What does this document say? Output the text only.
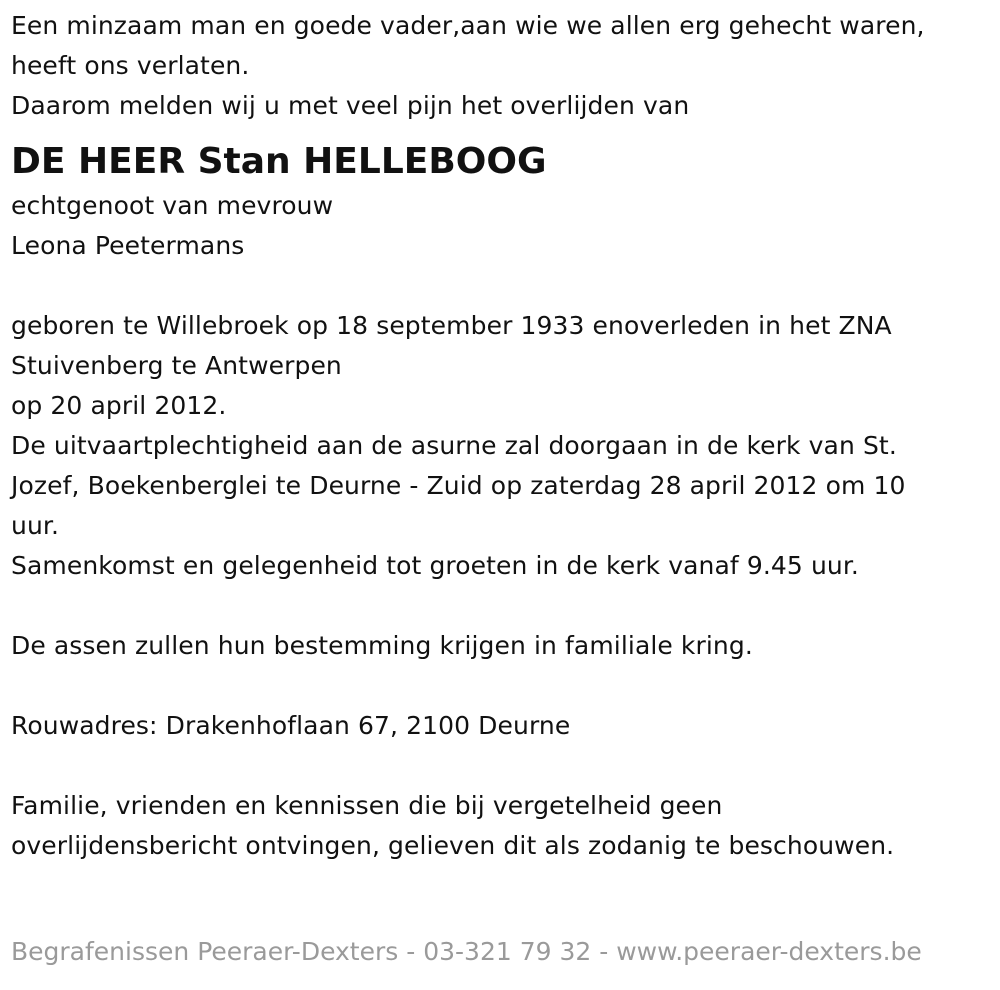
Een minzaam man en goede vader,aan wie we allen erg gehecht waren,
heeft ons verlaten.
Daarom melden wij u met veel pijn het overlijden van
DE HEER Stan HELLEBOOG
echtgenoot van mevrouw
Leona Peetermans
geboren te Willebroek op 18 september 1933 enoverleden in het ZNA
Stuivenberg te Antwerpen
op 20 april 2012.
De uitvaartplechtigheid aan de asurne zal doorgaan in de kerk van St.
Jozef, Boekenberglei te Deurne - Zuid op zaterdag 28 april 2012 om 10
uur.
Samenkomst en gelegenheid tot groeten in de kerk vanaf 9.45 uur.
De assen zullen hun bestemming krijgen in familiale kring.
Rouwadres: Drakenhoflaan 67, 2100 Deurne
Familie, vrienden en kennissen die bij vergetelheid geen
overlijdensbericht ontvingen, gelieven dit als zodanig te beschouwen.
Begrafenissen Peeraer-Dexters - 03-321 79 32 - www.peeraer-dexters.be
